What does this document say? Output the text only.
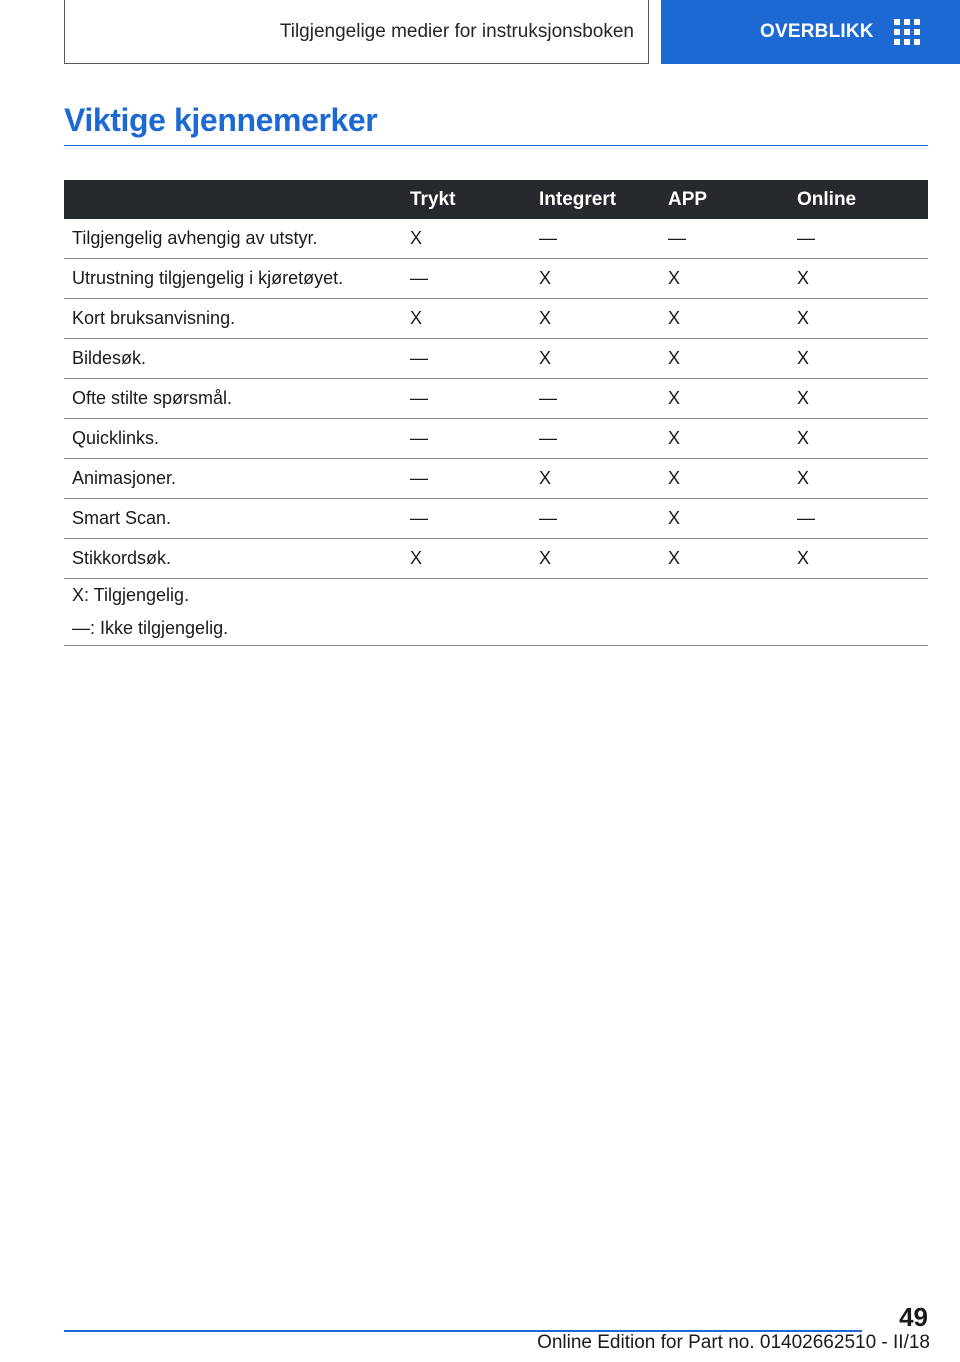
Tilgjengelige medier for instruksjonsboken	OVERBLIKK
Viktige kjennemerker
	Trykt	Integrert	APP	Online
Tilgjengelig avhengig av utstyr.	X	—	—	—
Utrustning tilgjengelig i kjøretøyet.	—	X	X	X
Kort bruksanvisning.	X	X	X	X
Bildesøk.	—	X	X	X
Ofte stilte spørsmål.	—	—	X	X
Quicklinks.	—	—	X	X
Animasjoner.	—	X	X	X
Smart Scan.	—	—	X	—
Stikkordsøk.	X	X	X	X

X: Tilgjengelig.
—: Ikke tilgjengelig.				
49
Online Edition for Part no. 01402662510 - II/18
